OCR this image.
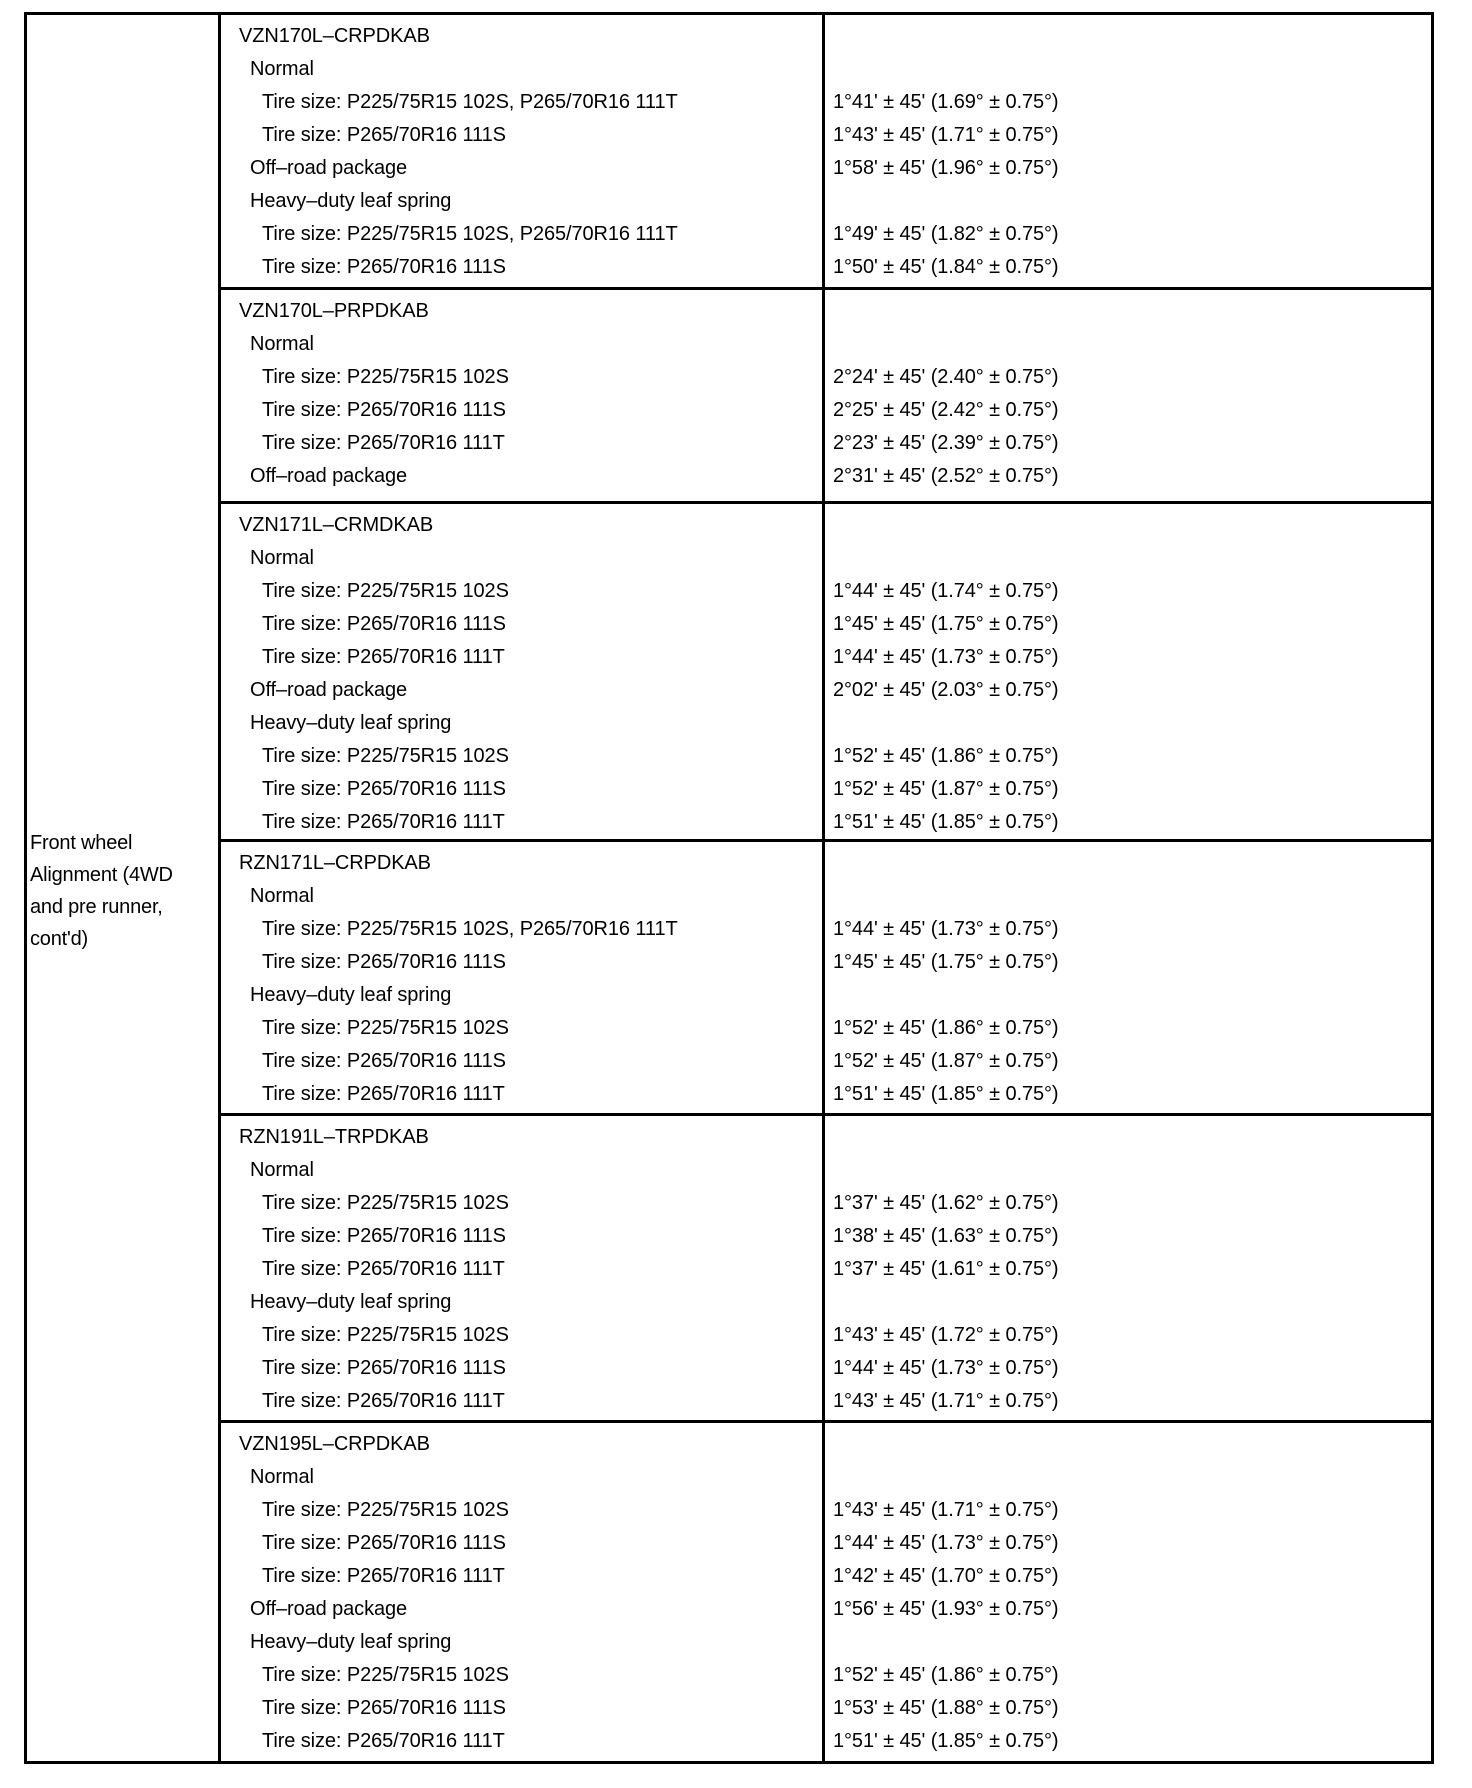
Front wheel
Alignment (4WD
and pre runner,
cont'd)
VZN170L–CRPDKAB
Normal
Tire size: P225/75R15 102S, P265/70R16 111T	1°41' ± 45' (1.69° ± 0.75°)
Tire size: P265/70R16 111S	1°43' ± 45' (1.71° ± 0.75°)
Off–road package	1°58' ± 45' (1.96° ± 0.75°)
Heavy–duty leaf spring
Tire size: P225/75R15 102S, P265/70R16 111T	1°49' ± 45' (1.82° ± 0.75°)
Tire size: P265/70R16 111S	1°50' ± 45' (1.84° ± 0.75°)
VZN170L–PRPDKAB
Normal
Tire size: P225/75R15 102S	2°24' ± 45' (2.40° ± 0.75°)
Tire size: P265/70R16 111S	2°25' ± 45' (2.42° ± 0.75°)
Tire size: P265/70R16 111T	2°23' ± 45' (2.39° ± 0.75°)
Off–road package	2°31' ± 45' (2.52° ± 0.75°)
VZN171L–CRMDKAB
Normal
Tire size: P225/75R15 102S	1°44' ± 45' (1.74° ± 0.75°)
Tire size: P265/70R16 111S	1°45' ± 45' (1.75° ± 0.75°)
Tire size: P265/70R16 111T	1°44' ± 45' (1.73° ± 0.75°)
Off–road package	2°02' ± 45' (2.03° ± 0.75°)
Heavy–duty leaf spring
Tire size: P225/75R15 102S	1°52' ± 45' (1.86° ± 0.75°)
Tire size: P265/70R16 111S	1°52' ± 45' (1.87° ± 0.75°)
Tire size: P265/70R16 111T	1°51' ± 45' (1.85° ± 0.75°)
RZN171L–CRPDKAB
Normal
Tire size: P225/75R15 102S, P265/70R16 111T	1°44' ± 45' (1.73° ± 0.75°)
Tire size: P265/70R16 111S	1°45' ± 45' (1.75° ± 0.75°)
Heavy–duty leaf spring
Tire size: P225/75R15 102S	1°52' ± 45' (1.86° ± 0.75°)
Tire size: P265/70R16 111S	1°52' ± 45' (1.87° ± 0.75°)
Tire size: P265/70R16 111T	1°51' ± 45' (1.85° ± 0.75°)
RZN191L–TRPDKAB
Normal
Tire size: P225/75R15 102S	1°37' ± 45' (1.62° ± 0.75°)
Tire size: P265/70R16 111S	1°38' ± 45' (1.63° ± 0.75°)
Tire size: P265/70R16 111T	1°37' ± 45' (1.61° ± 0.75°)
Heavy–duty leaf spring
Tire size: P225/75R15 102S	1°43' ± 45' (1.72° ± 0.75°)
Tire size: P265/70R16 111S	1°44' ± 45' (1.73° ± 0.75°)
Tire size: P265/70R16 111T	1°43' ± 45' (1.71° ± 0.75°)
VZN195L–CRPDKAB
Normal
Tire size: P225/75R15 102S	1°43' ± 45' (1.71° ± 0.75°)
Tire size: P265/70R16 111S	1°44' ± 45' (1.73° ± 0.75°)
Tire size: P265/70R16 111T	1°42' ± 45' (1.70° ± 0.75°)
Off–road package	1°56' ± 45' (1.93° ± 0.75°)
Heavy–duty leaf spring
Tire size: P225/75R15 102S	1°52' ± 45' (1.86° ± 0.75°)
Tire size: P265/70R16 111S	1°53' ± 45' (1.88° ± 0.75°)
Tire size: P265/70R16 111T	1°51' ± 45' (1.85° ± 0.75°)
